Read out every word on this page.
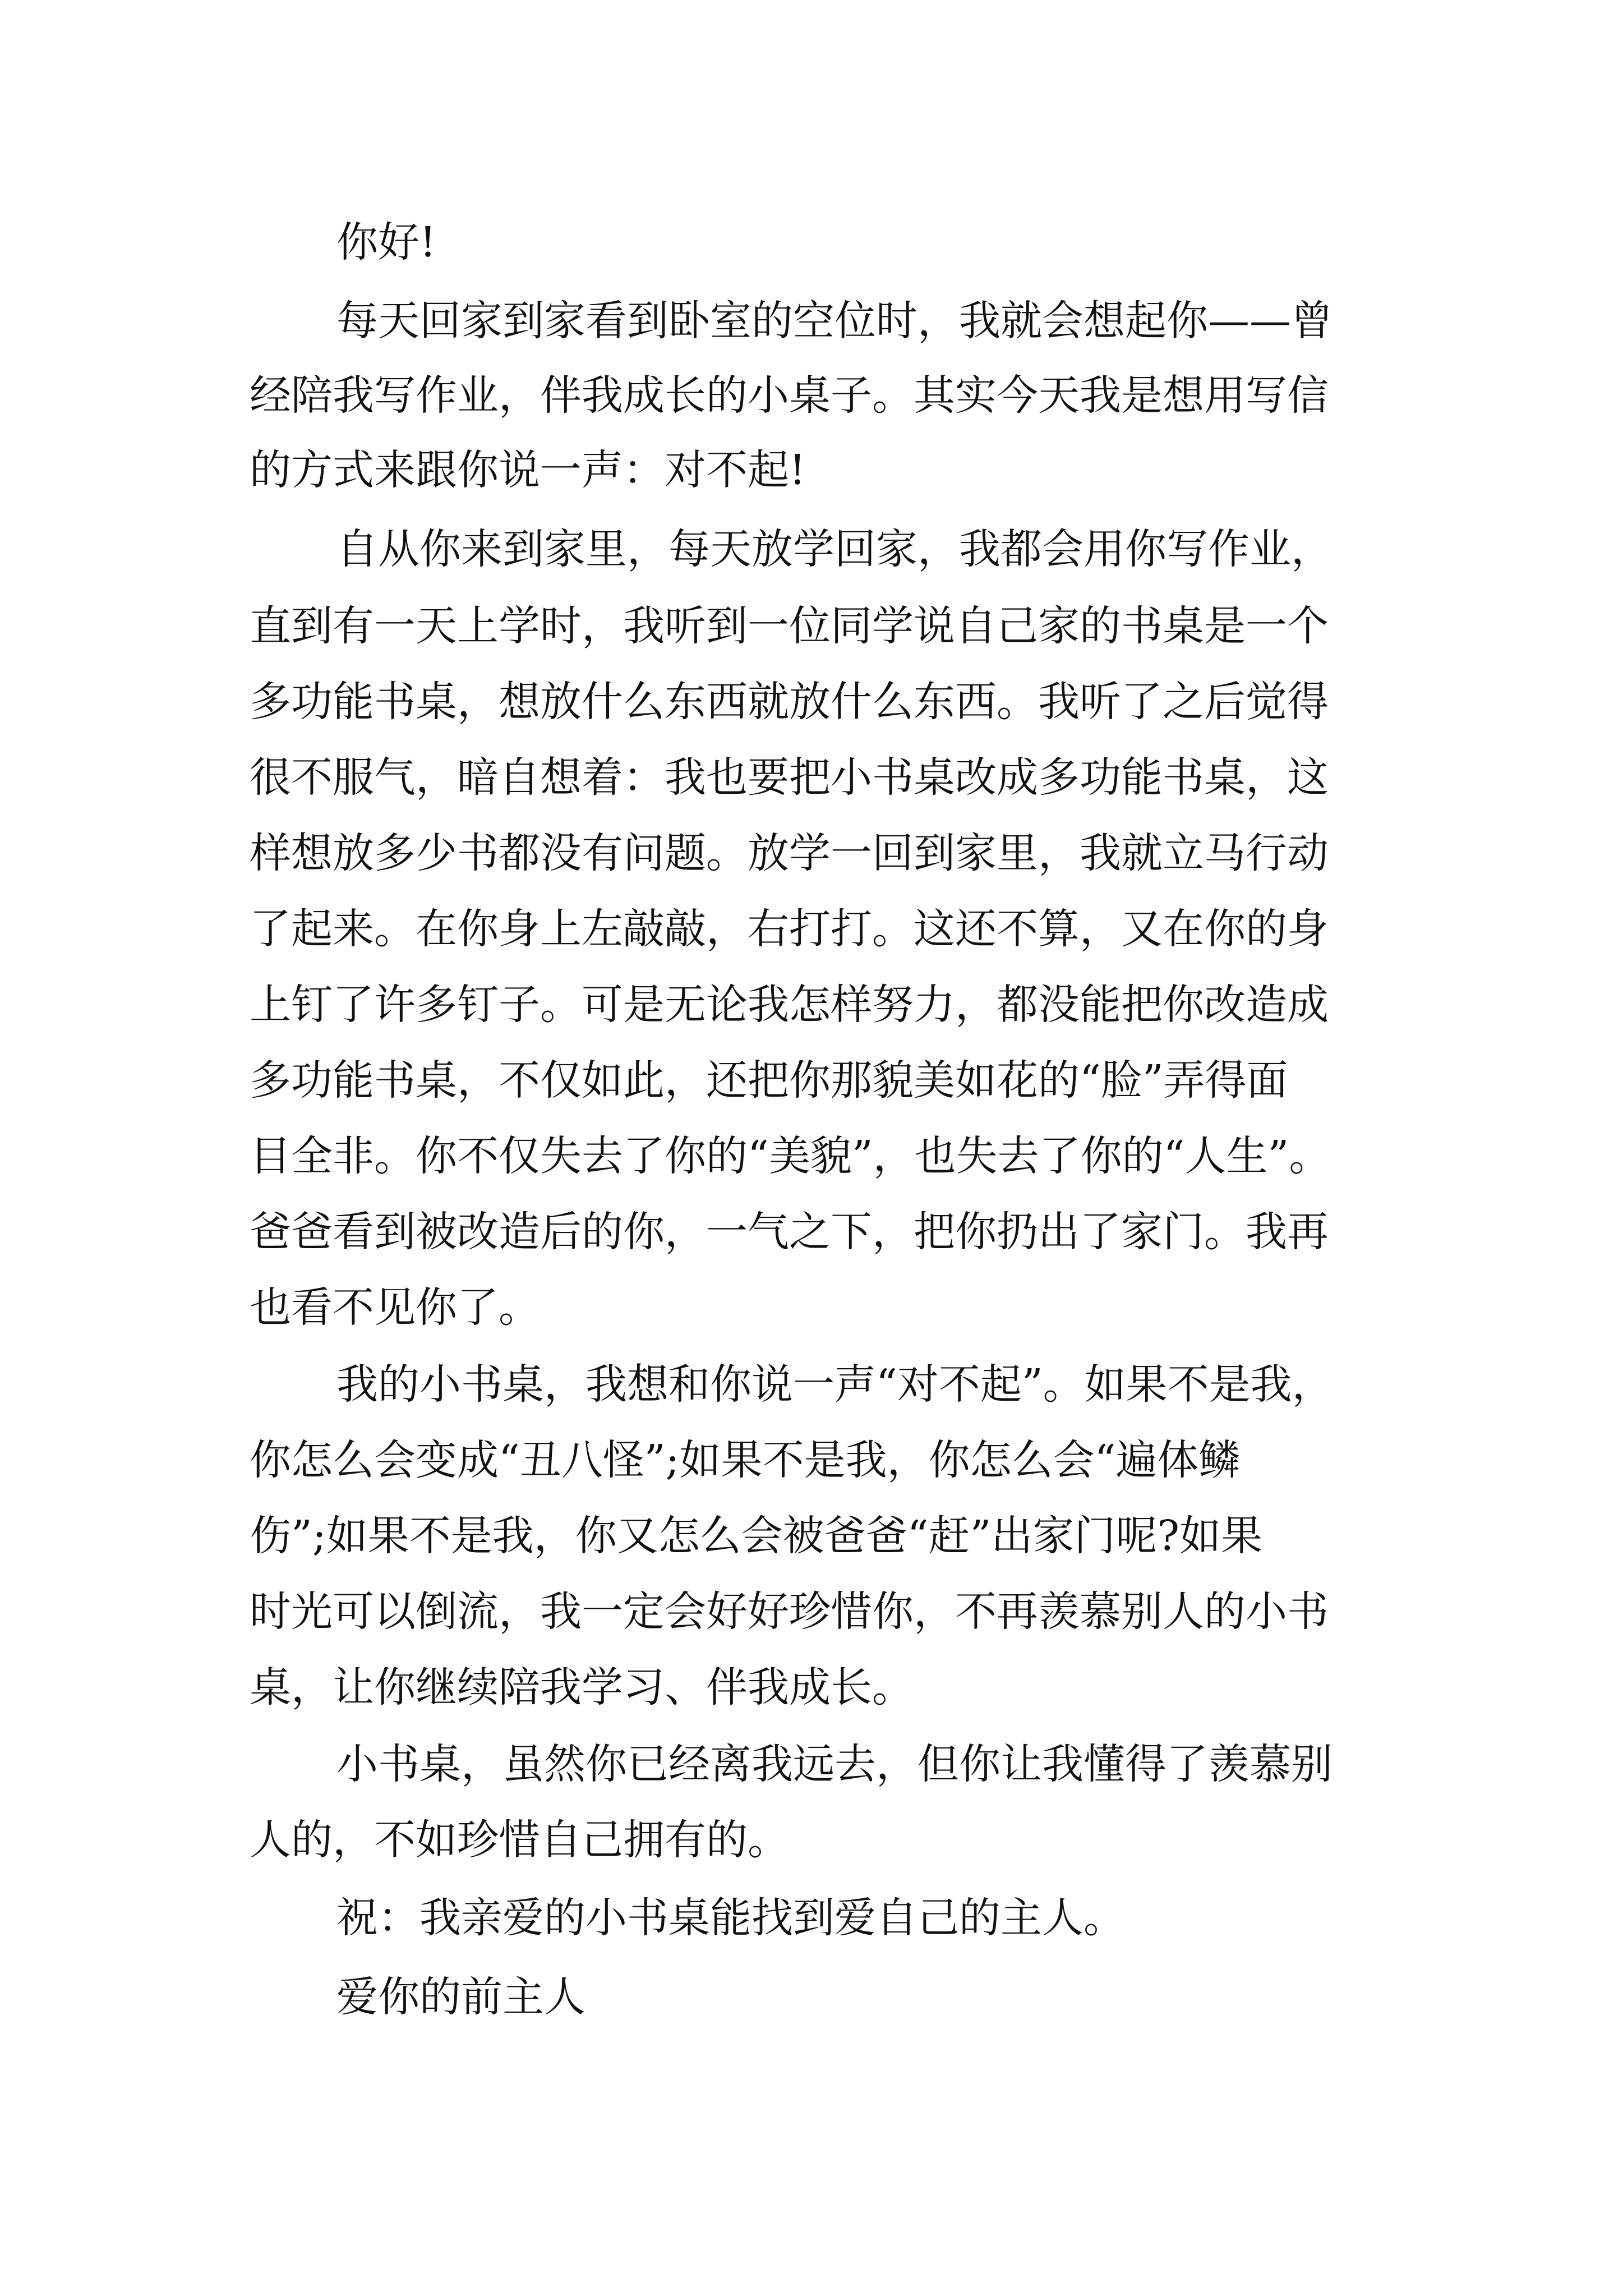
你好!
每天回家到家看到卧室的空位时，我就会想起你——曾
经陪我写作业，伴我成长的小桌子。其实今天我是想用写信
的方式来跟你说一声：对不起!
自从你来到家里，每天放学回家，我都会用你写作业，
直到有一天上学时，我听到一位同学说自己家的书桌是一个
多功能书桌，想放什么东西就放什么东西。我听了之后觉得
很不服气，暗自想着：我也要把小书桌改成多功能书桌，这
样想放多少书都没有问题。放学一回到家里，我就立马行动
了起来。在你身上左敲敲，右打打。这还不算，又在你的身
上钉了许多钉子。可是无论我怎样努力，都没能把你改造成
多功能书桌，不仅如此，还把你那貌美如花的“脸”弄得面
目全非。你不仅失去了你的“美貌”，也失去了你的“人生”。
爸爸看到被改造后的你，一气之下，把你扔出了家门。我再
也看不见你了。
我的小书桌，我想和你说一声“对不起”。如果不是我，
你怎么会变成“丑八怪”;如果不是我，你怎么会“遍体鳞
伤”;如果不是我，你又怎么会被爸爸“赶”出家门呢?如果
时光可以倒流，我一定会好好珍惜你，不再羡慕别人的小书
桌，让你继续陪我学习、伴我成长。
小书桌，虽然你已经离我远去，但你让我懂得了羡慕别
人的，不如珍惜自己拥有的。
祝：我亲爱的小书桌能找到爱自己的主人。
爱你的前主人
